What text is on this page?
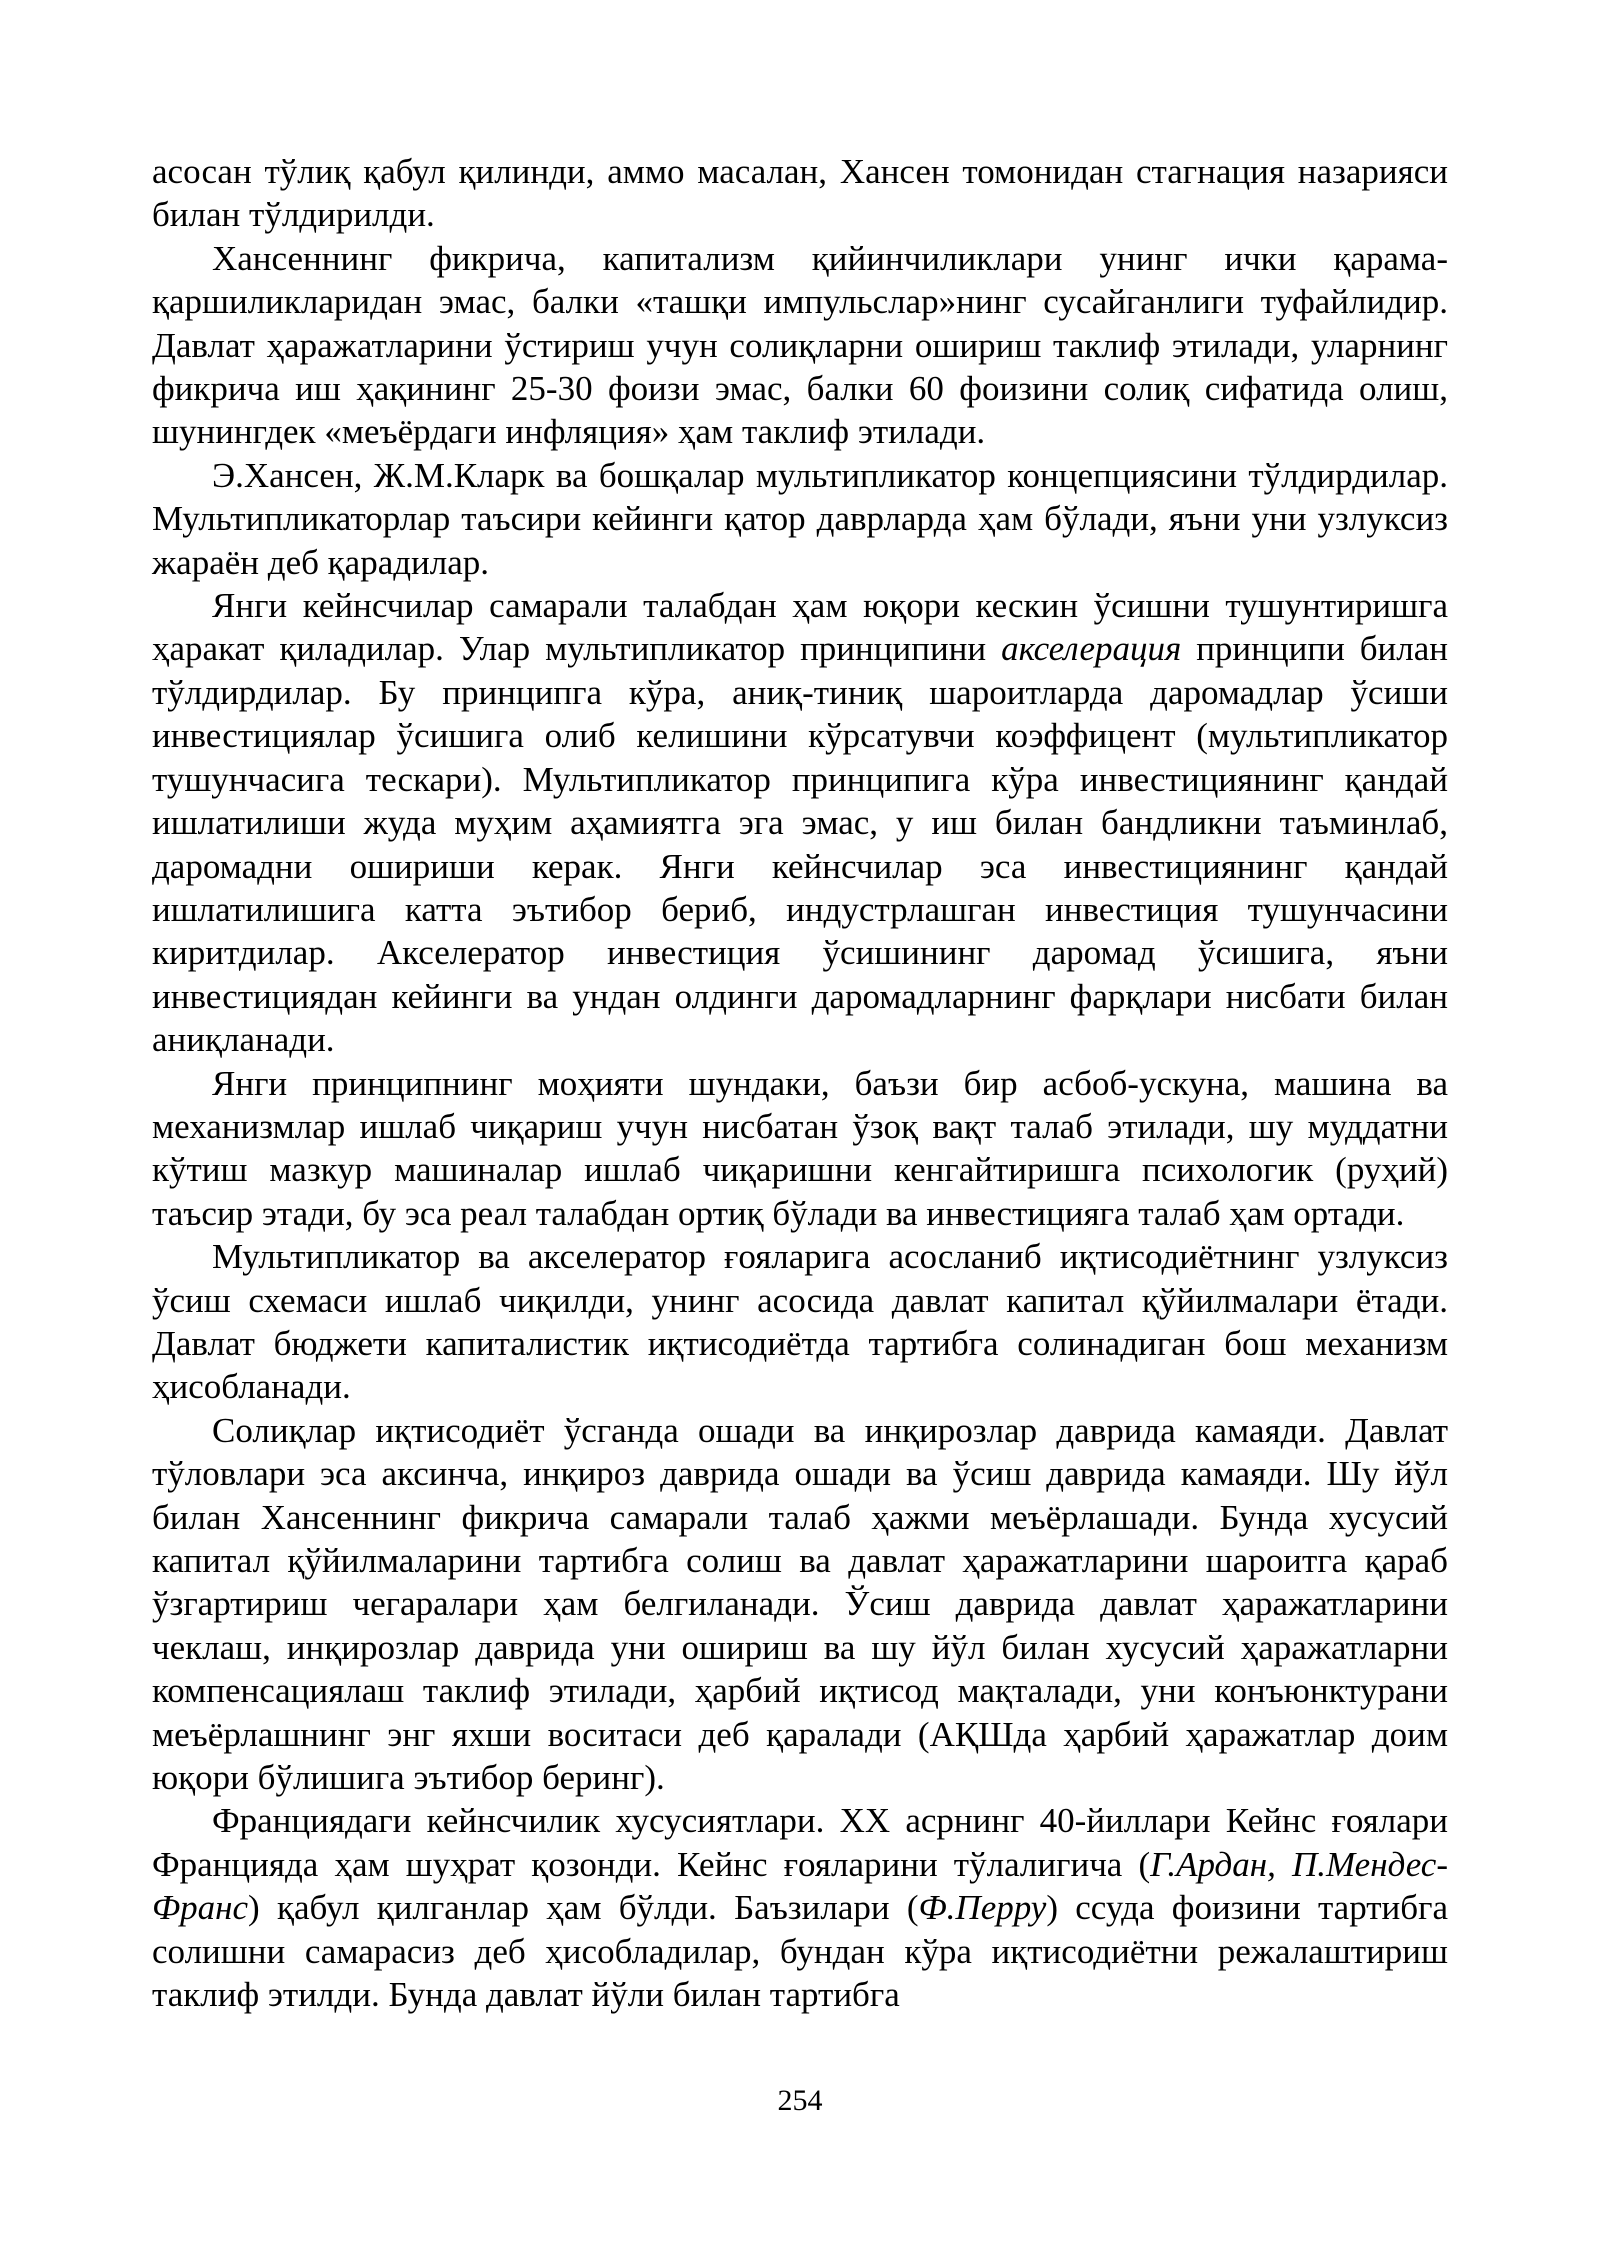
асосан тўлиқ қабул қилинди, аммо масалан, Хансен томонидан стагнация назарияси билан тўлдирилди.

Хансеннинг фикрича, капитализм қийинчиликлари унинг ички қарама-қаршиликларидан эмас, балки «ташқи импульслар»нинг сусайганлиги туфайлидир. Давлат ҳаражатларини ўстириш учун солиқларни ошириш таклиф этилади, уларнинг фикрича иш ҳақининг 25-30 фоизи эмас, балки 60 фоизини солиқ сифатида олиш, шунингдек «меъёрдаги инфляция» ҳам таклиф этилади.

Э.Хансен, Ж.М.Кларк ва бошқалар мультипликатор концепциясини тўлдирдилар. Мультипликаторлар таъсири кейинги қатор даврларда ҳам бўлади, яъни уни узлуксиз жараён деб қарадилар.

Янги кейнсчилар самарали талабдан ҳам юқори кескин ўсишни тушунтиришга ҳаракат қиладилар. Улар мультипликатор принципини акселерация принципи билан тўлдирдилар. Бу принципга кўра, аниқ-тиниқ шароитларда даромадлар ўсиши инвестициялар ўсишига олиб келишини кўрсатувчи коэффицент (мультипликатор тушунчасига тескари). Мультипликатор принципига кўра инвестициянинг қандай ишлатилиши жуда муҳим аҳамиятга эга эмас, у иш билан бандликни таъминлаб, даромадни ошириши керак. Янги кейнсчилар эса инвестициянинг қандай ишлатилишига катта эътибор бериб, индустрлашган инвестиция тушунчасини киритдилар. Акселератор инвестиция ўсишининг даромад ўсишига, яъни инвестициядан кейинги ва ундан олдинги даромадларнинг фарқлари нисбати билан аниқланади.

Янги принципнинг моҳияти шундаки, баъзи бир асбоб-ускуна, машина ва механизмлар ишлаб чиқариш учун нисбатан ўзоқ вақт талаб этилади, шу муддатни кўтиш мазкур машиналар ишлаб чиқаришни кенгайтиришга психологик (руҳий) таъсир этади, бу эса реал талабдан ортиқ бўлади ва инвестицияга талаб ҳам ортади.

Мультипликатор ва акселератор ғояларига асосланиб иқтисодиётнинг узлуксиз ўсиш схемаси ишлаб чиқилди, унинг асосида давлат капитал қўйилмалари ётади. Давлат бюджети капиталистик иқтисодиётда тартибга солинадиган бош механизм ҳисобланади.

Солиқлар иқтисодиёт ўсганда ошади ва инқирозлар даврида камаяди. Давлат тўловлари эса аксинча, инқироз даврида ошади ва ўсиш даврида камаяди. Шу йўл билан Хансеннинг фикрича самарали талаб ҳажми меъёрлашади. Бунда хусусий капитал қўйилмаларини тартибга солиш ва давлат ҳаражатларини шароитга қараб ўзгартириш чегаралари ҳам белгиланади. Ўсиш даврида давлат ҳаражатларини чеклаш, инқирозлар даврида уни ошириш ва шу йўл билан хусусий ҳаражатларни компенсациялаш таклиф этилади, ҳарбий иқтисод мақталади, уни конъюнктурани меъёрлашнинг энг яхши воситаси деб қаралади (АҚШда ҳарбий ҳаражатлар доим юқори бўлишига эътибор беринг).

Франциядаги кейнсчилик хусусиятлари. XX асрнинг 40-йиллари Кейнс ғоялари Францияда ҳам шуҳрат қозонди. Кейнс ғояларини тўлалигича (Г.Ардан, П.Мендес-Франс) қабул қилганлар ҳам бўлди. Баъзилари (Ф.Перру) ссуда фоизини тартибга солишни самарасиз деб ҳисобладилар, бундан кўра иқтисодиётни режалаштириш таклиф этилди. Бунда давлат йўли билан тартибга

254
